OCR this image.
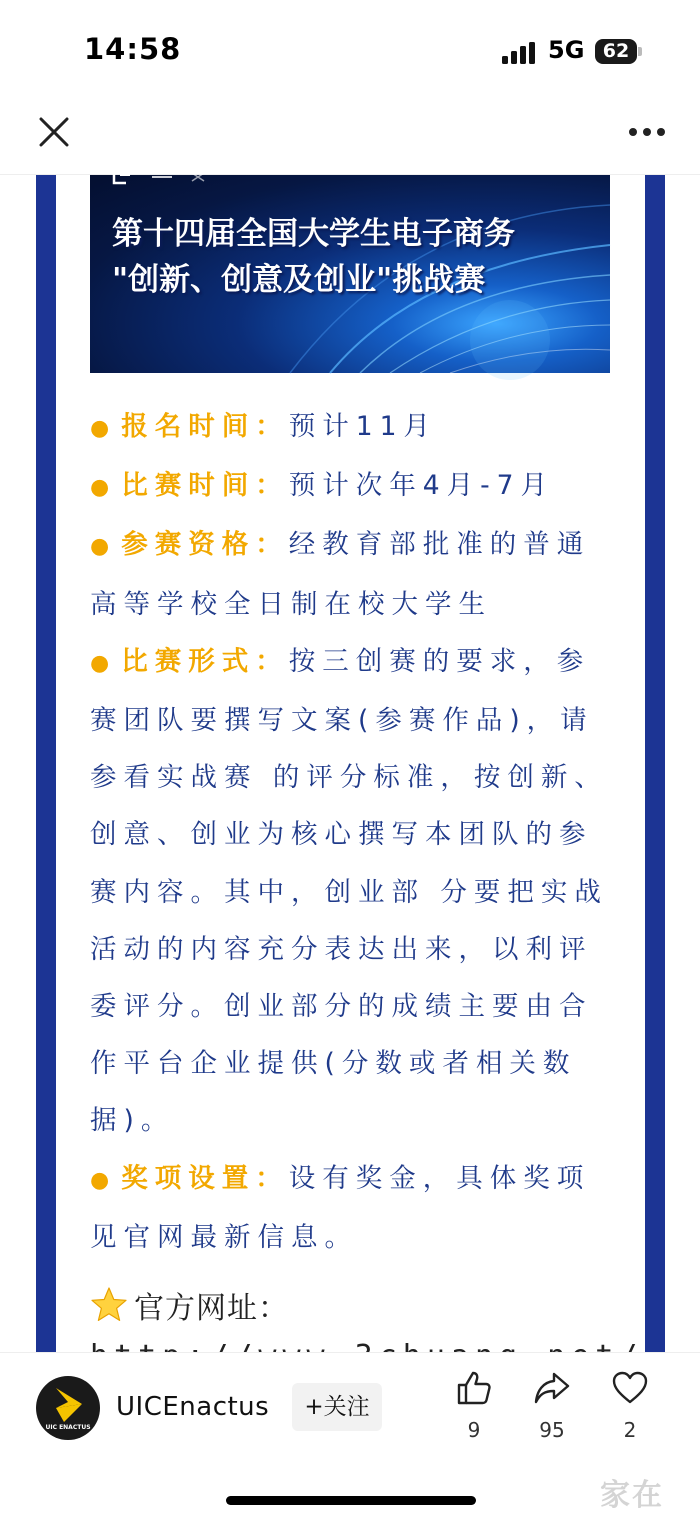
14:58	5G 62
第十四届全国大学生电子商务
"创新、创意及创业"挑战赛

● 报名时间：预计11月

● 比赛时间：预计次年4月-7月

● 参赛资格：经教育部批准的普通高等学校全日制在校大学生

● 比赛形式：按三创赛的要求，参赛团队要撰写文案(参赛作品)，请参看实战赛 的评分标准，按创新、创意、创业为核心撰写本团队的参赛内容。其中，创业部 分要把实战活动的内容充分表达出来，以利评委评分。创业部分的成绩主要由合 作平台企业提供(分数或者相关数据)。

● 奖项设置：设有奖金，具体奖项见官网最新信息。

官方网址：
UIC ENACTUS
UICEnactus	+关注
9	95	2
家在
